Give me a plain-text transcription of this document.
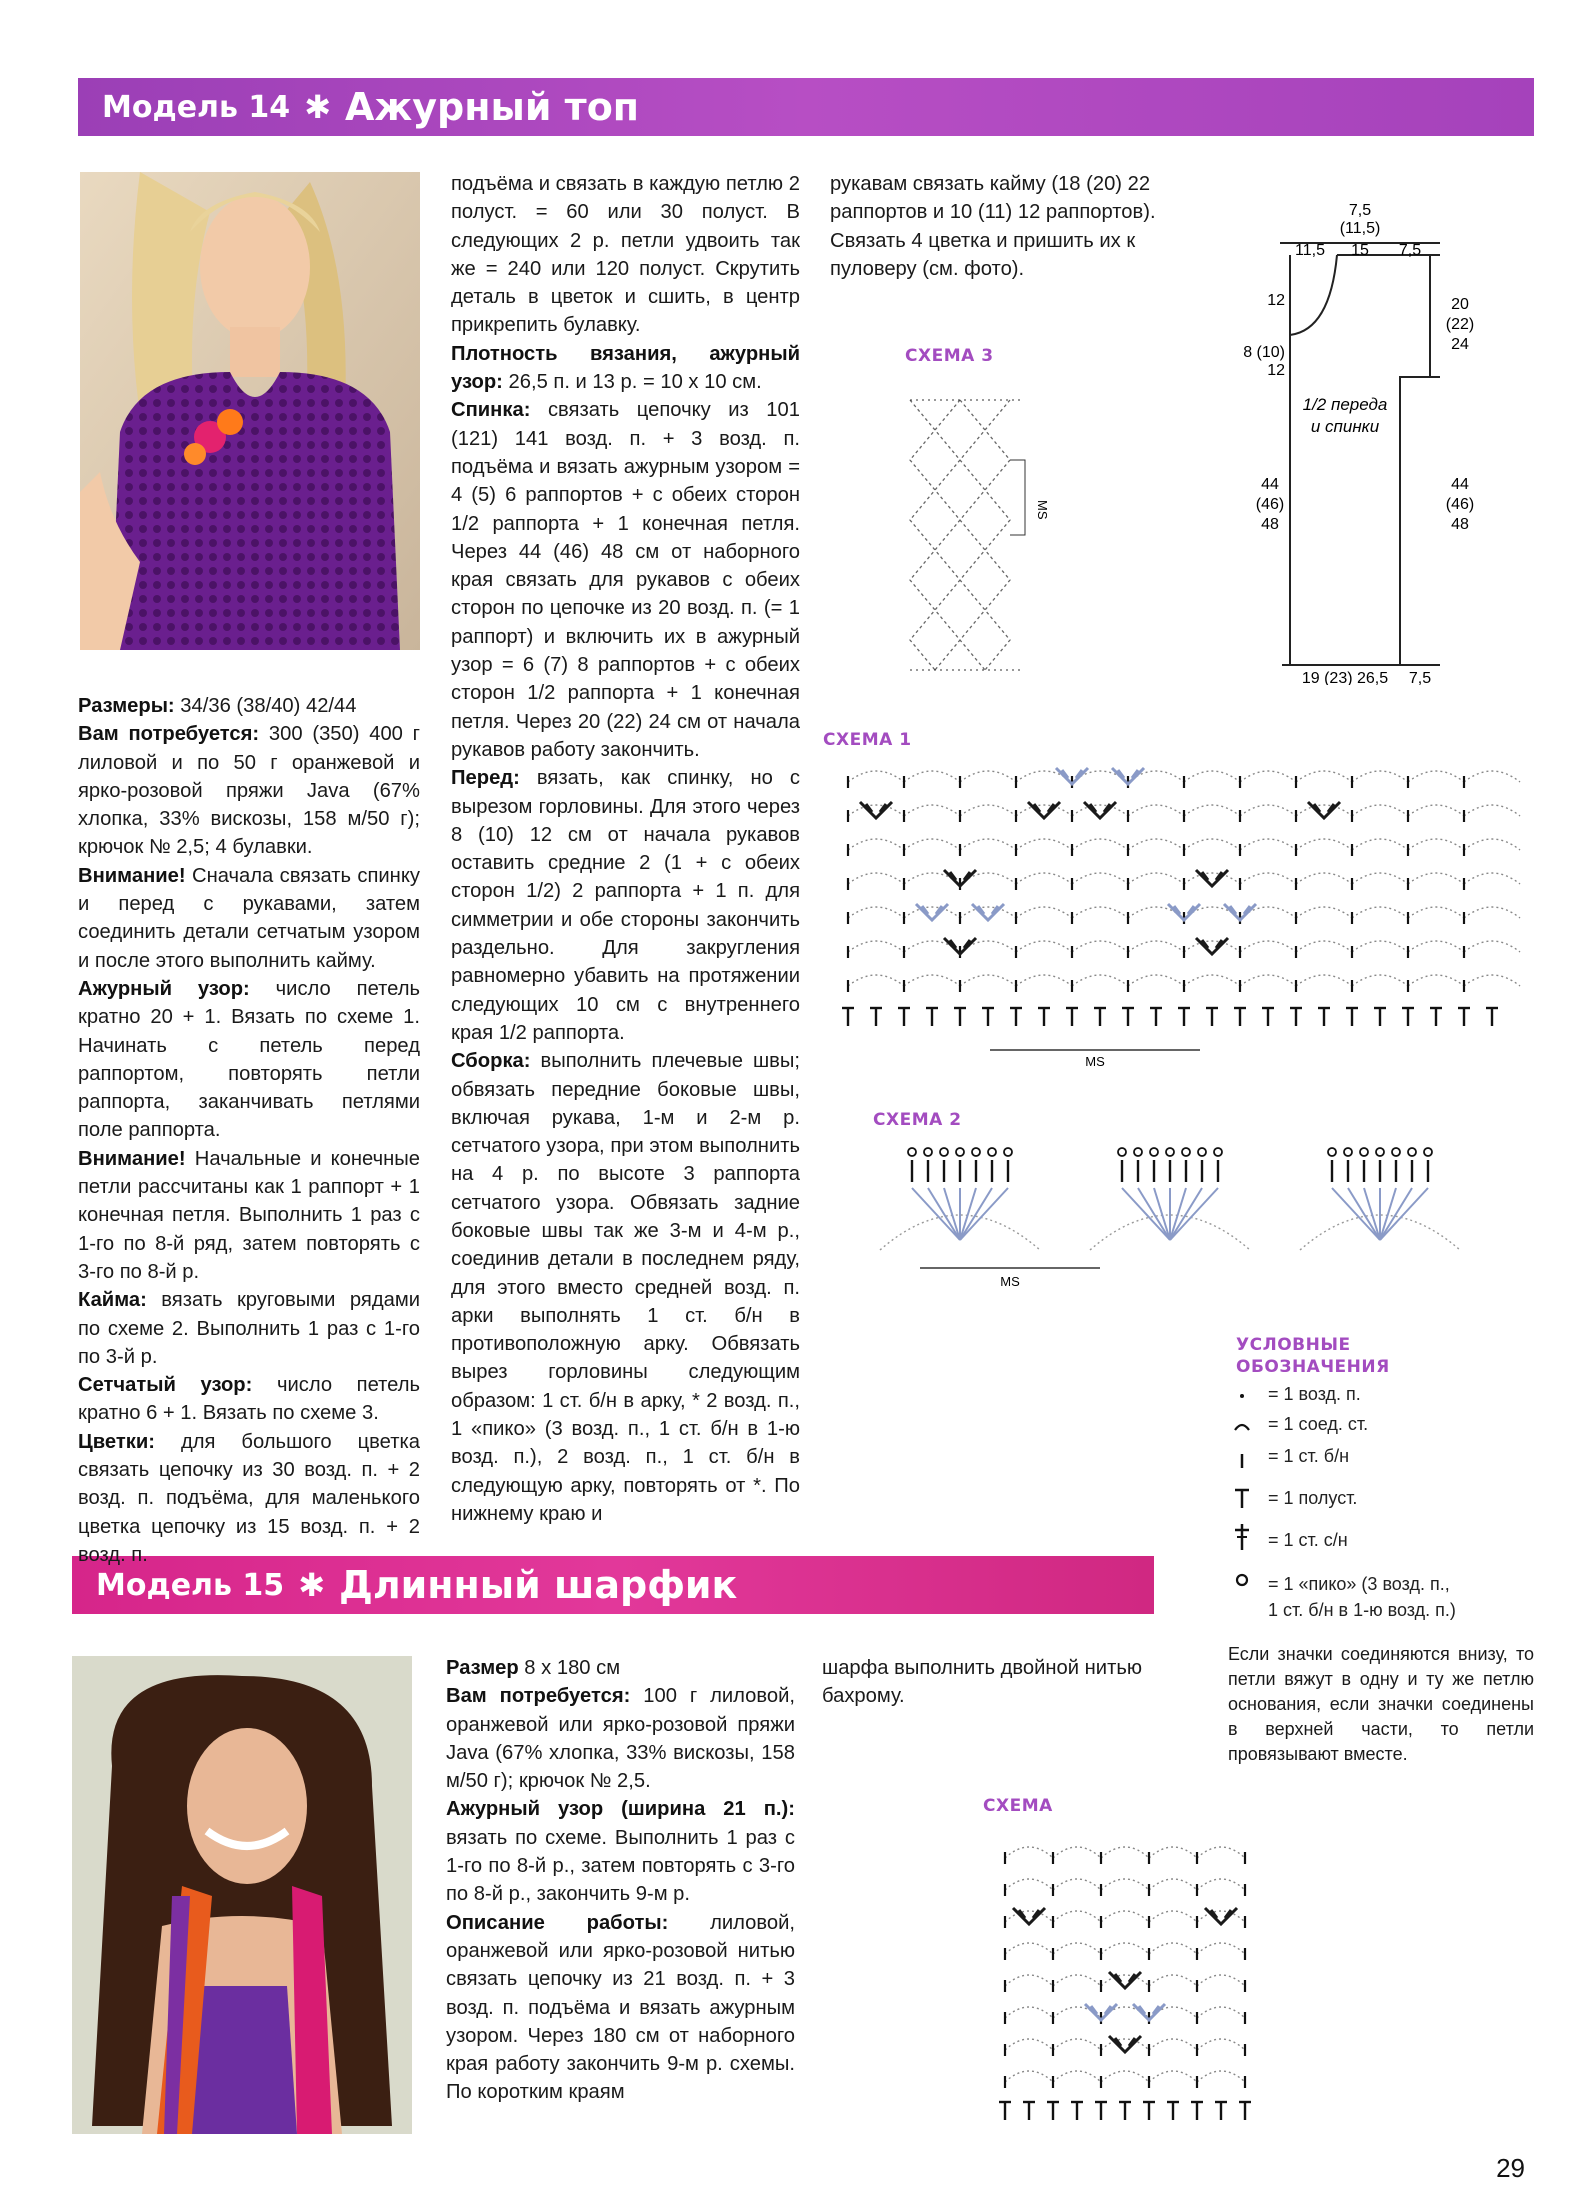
Модель 14 ✱ Ажурный топ
Модель 15 ✱ Длинный шарфик

Размеры: 34/36 (38/40) 42/44

Вам потребуется: 300 (350) 400 г лиловой и по 50 г оранжевой и ярко-розовой пряжи Java (67% хлопка, 33% вискозы, 158 м/50 г); крючок № 2,5; 4 булавки.

Внимание! Сначала связать спинку и перед с рукавами, затем соединить детали сетчатым узором и после этого выполнить кайму.

Ажурный узор: число петель кратно 20 + 1. Вязать по схеме 1. Начинать с петель перед раппортом, повторять петли раппорта, заканчивать петлями поле раппорта.

Внимание! Начальные и конечные петли рассчитаны как 1 раппорт + 1 конечная петля. Выполнить 1 раз с 1-го по 8-й ряд, затем повторять с 3-го по 8-й р.

Кайма: вязать круговыми рядами по схеме 2. Выполнить 1 раз с 1-го по 3-й р.

Сетчатый узор: число петель кратно 6 + 1. Вязать по схеме 3.

Цветки: для большого цветка связать цепочку из 30 возд. п. + 2 возд. п. подъёма, для маленького цветка цепочку из 15 возд. п. + 2 возд. п.

подъёма и связать в каждую петлю 2 полуст. = 60 или 30 полуст. В следующих 2 р. петли удвоить так же = 240 или 120 полуст. Скрутить деталь в цветок и сшить, в центр прикрепить булавку.

Плотность вязания, ажурный узор: 26,5 п. и 13 р. = 10 х 10 см.

Спинка: связать цепочку из 101 (121) 141 возд. п. + 3 возд. п. подъёма и вязать ажурным узором = 4 (5) 6 раппортов + с обеих сторон 1/2 раппорта + 1 конечная петля. Через 44 (46) 48 см от наборного края связать для рукавов с обеих сторон по цепочке из 20 возд. п. (= 1 раппорт) и включить их в ажурный узор = 6 (7) 8 раппортов + с обеих сторон 1/2 раппорта + 1 конечная петля. Через 20 (22) 24 см от начала рукавов работу закончить.

Перед: вязать, как спинку, но с вырезом горловины. Для этого через 8 (10) 12 см от начала рукавов оставить средние 2 (1 + с обеих сторон 1/2) 2 раппорта + 1 п. для симметрии и обе стороны закончить раздельно. Для закругления равномерно убавить на протяжении следующих 10 см с внутреннего края 1/2 раппорта.

Сборка: выполнить плечевые швы; обвязать передние боковые швы, включая рукава, 1-м и 2-м р. сетчатого узора, при этом выполнить на 4 р. по высоте 3 раппорта сетчатого узора. Обвязать задние боковые швы так же 3-м и 4-м р., соединив детали в последнем ряду, для этого вместо средней возд. п. арки выполнять 1 ст. б/н в противоположную арку. Обвязать вырез горловины следующим образом: 1 ст. б/н в арку, * 2 возд. п., 1 «пико» (3 возд. п., 1 ст. б/н в 1-ю возд. п.), 2 возд. п., 1 ст. б/н в следующую арку, повторять от *. По нижнему краю и

рукавам связать кайму (18 (20) 22 раппортов и 10 (11) 12 раппортов). Связать 4 цветка и пришить их к пуловеру (см. фото).

7,5
(11,5)
11,5 15 7,5
12
8 (10)
12
20
(22)
24
1/2 переда
и спинки
44
(46)
48
44
(46)
48
19 (23) 26,5 7,5
СХЕМА 3
СХЕМА 1
СХЕМА 2
СХЕМА
MS
MS
MS
УСЛОВНЫЕ
ОБОЗНАЧЕНИЯ
= 1 возд. п.
= 1 соед. ст.
= 1 ст. б/н
= 1 полуст.
= 1 ст. с/н
= 1 «пико» (3 возд. п.,
1 ст. б/н в 1-ю возд. п.)

Если значки соединяются внизу, то петли вяжут в одну и ту же петлю основания, если значки соединены в верхней части, то петли провязывают вместе.

Размер 8 х 180 см

Вам потребуется: 100 г лиловой, оранжевой или ярко-розовой пряжи Java (67% хлопка, 33% вискозы, 158 м/50 г); крючок № 2,5.

Ажурный узор (ширина 21 п.): вязать по схеме. Выполнить 1 раз с 1-го по 8-й р., затем повторять с 3-го по 8-й р., закончить 9-м р.

Описание работы: лиловой, оранжевой или ярко-розовой нитью связать цепочку из 21 возд. п. + 3 возд. п. подъёма и вязать ажурным узором. Через 180 см от наборного края работу закончить 9-м р. схемы. По коротким краям

шарфа выполнить двойной нитью бахрому.

29
